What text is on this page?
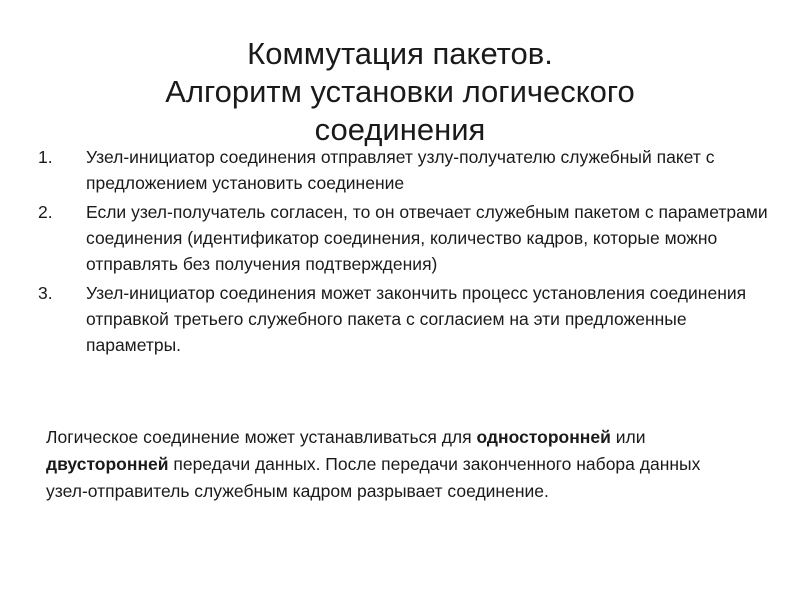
Коммутация пакетов.
Алгоритм установки логического
соединения
1.	Узел-инициатор соединения отправляет узлу-получателю служебный пакет с предложением установить соединение
2.	Если узел-получатель согласен, то он отвечает служебным пакетом с параметрами соединения (идентификатор соединения, количество кадров, которые можно отправлять без получения подтверждения)
3.	Узел-инициатор соединения может закончить процесс установления соединения отправкой третьего служебного пакета с согласием на эти предложенные параметры.

Логическое соединение может устанавливаться для односторонней или двусторонней передачи данных. После передачи законченного набора данных узел-отправитель служебным кадром разрывает соединение.
